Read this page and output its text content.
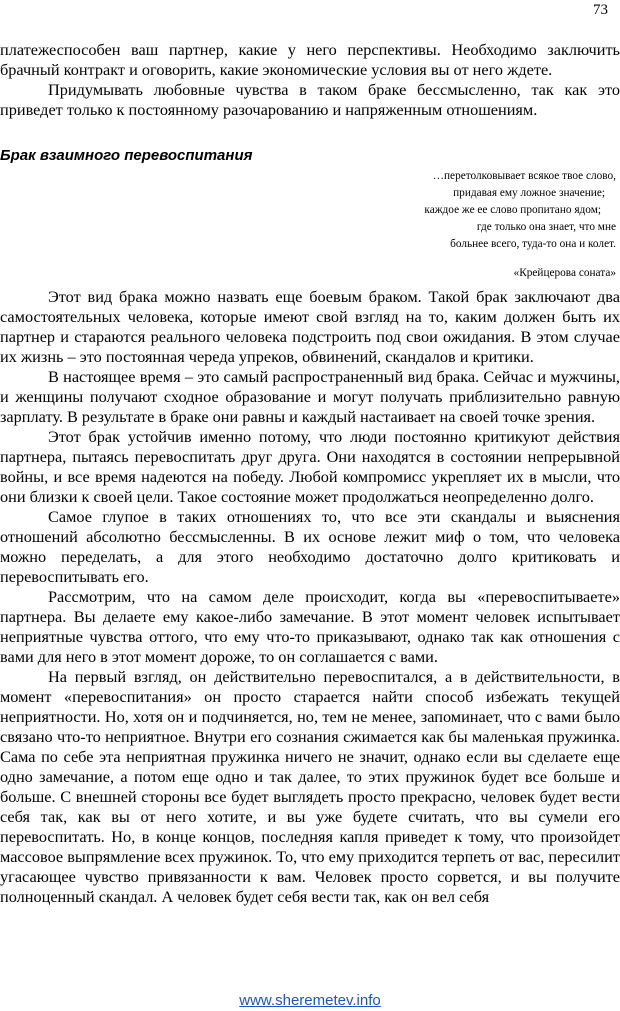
73

платежеспособен ваш партнер, какие у него перспективы. Необходимо заключить брачный контракт и оговорить, какие экономические условия вы от него ждете.

Придумывать любовные чувства в таком браке бессмысленно, так как это приведет только к постоянному разочарованию и напряженным отношениям.

Брак взаимного перевоспитания
…перетолковывает всякое твое слово,
придавая ему ложное значение;
каждое же ее слово пропитано ядом;
где только она знает, что мне
больнее всего, туда-то она и колет.
«Крейцерова соната»

Этот вид брака можно назвать еще боевым браком. Такой брак заключают два самостоятельных человека, которые имеют свой взгляд на то, каким должен быть их партнер и стараются реального человека подстроить под свои ожидания. В этом случае их жизнь – это постоянная череда упреков, обвинений, скандалов и критики.

В настоящее время – это самый распространенный вид брака. Сейчас и мужчины, и женщины получают сходное образование и могут получать приблизительно равную зарплату. В результате в браке они равны и каждый настаивает на своей точке зрения.

Этот брак устойчив именно потому, что люди постоянно критикуют действия партнера, пытаясь перевоспитать друг друга. Они находятся в состоянии непрерывной войны, и все время надеются на победу. Любой компромисс укрепляет их в мысли, что они близки к своей цели. Такое состояние может продолжаться неопределенно долго.

Самое глупое в таких отношениях то, что все эти скандалы и выяснения отношений абсолютно бессмысленны. В их основе лежит миф о том, что человека можно переделать, а для этого необходимо достаточно долго критиковать и перевоспитывать его.

Рассмотрим, что на самом деле происходит, когда вы «перевоспитываете» партнера. Вы делаете ему какое-либо замечание. В этот момент человек испытывает неприятные чувства оттого, что ему что-то приказывают, однако так как отношения с вами для него в этот момент дороже, то он соглашается с вами.

На первый взгляд, он действительно перевоспитался, а в действительности, в момент «перевоспитания» он просто старается найти способ избежать текущей неприятности. Но, хотя он и подчиняется, но, тем не менее, запоминает, что с вами было связано что-то неприятное. Внутри его сознания сжимается как бы маленькая пружинка. Сама по себе эта неприятная пружинка ничего не значит, однако если вы сделаете еще одно замечание, а потом еще одно и так далее, то этих пружинок будет все больше и больше. С внешней стороны все будет выглядеть просто прекрасно, человек будет вести себя так, как вы от него хотите, и вы уже будете считать, что вы сумели его перевоспитать. Но, в конце концов, последняя капля приведет к тому, что произойдет массовое выпрямление всех пружинок. То, что ему приходится терпеть от вас, пересилит угасающее чувство привязанности к вам. Человек просто сорвется, и вы получите полноценный скандал. А человек будет себя вести так, как он вел себя

www.sheremetev.info
